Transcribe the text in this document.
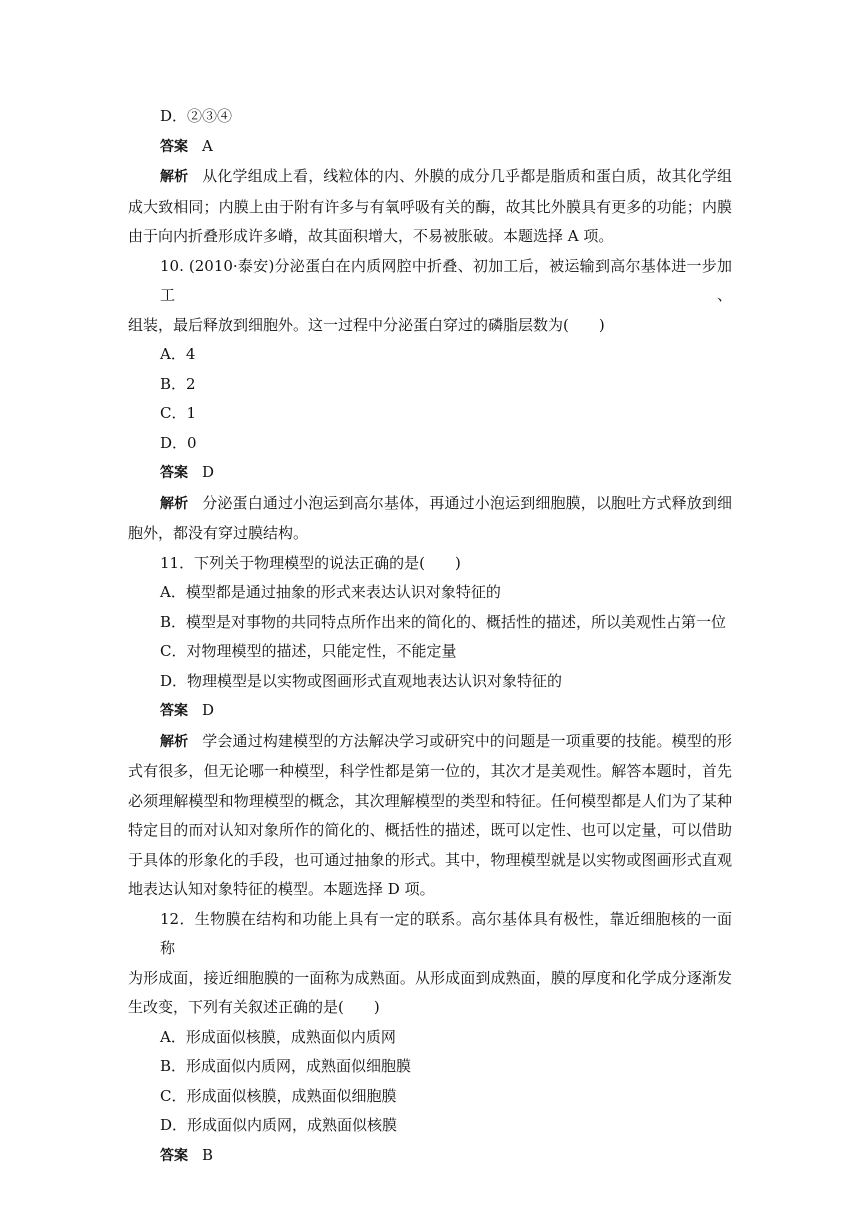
D．②③④
答案 A
解析 从化学组成上看，线粒体的内、外膜的成分几乎都是脂质和蛋白质，故其化学组
成大致相同；内膜上由于附有许多与有氧呼吸有关的酶，故其比外膜具有更多的功能；内膜
由于向内折叠形成许多嵴，故其面积增大，不易被胀破。本题选择 A 项。
10. (2010·泰安)分泌蛋白在内质网腔中折叠、初加工后，被运输到高尔基体进一步加工、
组装，最后释放到细胞外。这一过程中分泌蛋白穿过的磷脂层数为(　　)
A．4
B．2
C．1
D．0
答案 D
解析 分泌蛋白通过小泡运到高尔基体，再通过小泡运到细胞膜，以胞吐方式释放到细
胞外，都没有穿过膜结构。
11．下列关于物理模型的说法正确的是(　　)
A．模型都是通过抽象的形式来表达认识对象特征的
B．模型是对事物的共同特点所作出来的简化的、概括性的描述，所以美观性占第一位
C．对物理模型的描述，只能定性，不能定量
D．物理模型是以实物或图画形式直观地表达认识对象特征的
答案 D
解析 学会通过构建模型的方法解决学习或研究中的问题是一项重要的技能。模型的形
式有很多，但无论哪一种模型，科学性都是第一位的，其次才是美观性。解答本题时，首先
必须理解模型和物理模型的概念，其次理解模型的类型和特征。任何模型都是人们为了某种
特定目的而对认知对象所作的简化的、概括性的描述，既可以定性、也可以定量，可以借助
于具体的形象化的手段，也可通过抽象的形式。其中，物理模型就是以实物或图画形式直观
地表达认知对象特征的模型。本题选择 D 项。
12．生物膜在结构和功能上具有一定的联系。高尔基体具有极性，靠近细胞核的一面称
为形成面，接近细胞膜的一面称为成熟面。从形成面到成熟面，膜的厚度和化学成分逐渐发
生改变，下列有关叙述正确的是(　　)
A．形成面似核膜，成熟面似内质网
B．形成面似内质网，成熟面似细胞膜
C．形成面似核膜，成熟面似细胞膜
D．形成面似内质网，成熟面似核膜
答案 B
